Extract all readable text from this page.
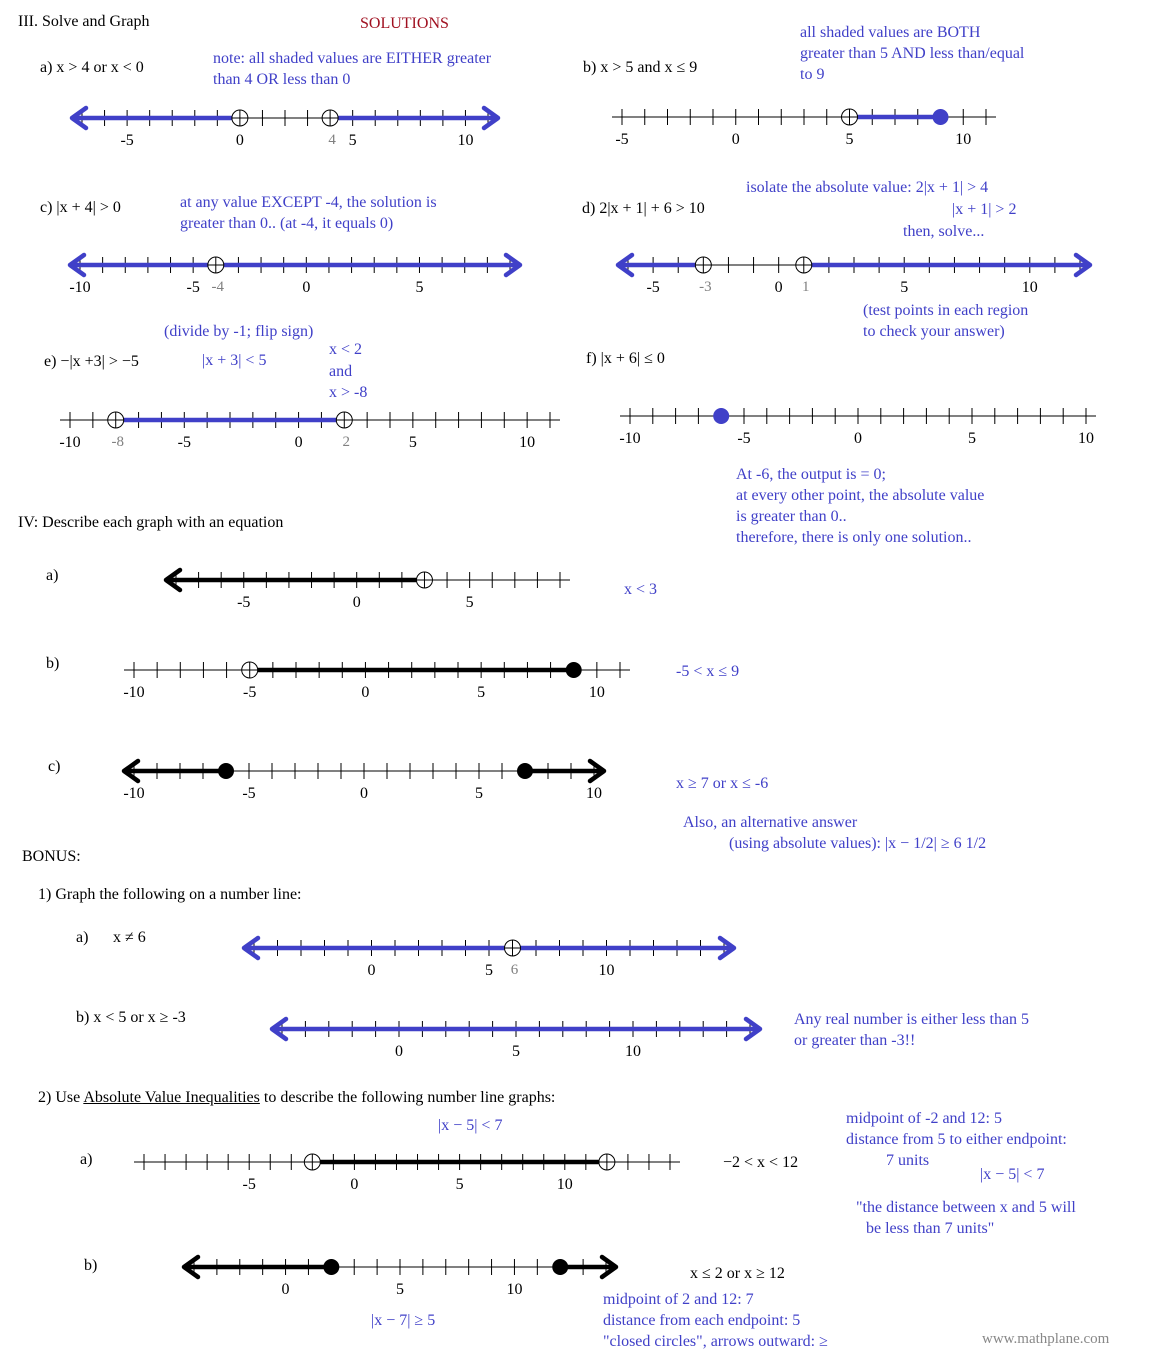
III. Solve and Graph	SOLUTIONS
a) x > 4 or x < 0
note: all shaded values are EITHER greater
than 4 OR less than 0
-5	0	5	10
4
b) x > 5 and x ≤ 9
all shaded values are BOTH
greater than 5 AND less than/equal
to 9
-5	0	5	10
c) |x + 4| > 0	at any value EXCEPT -4, the solution is
greater than 0.. (at -4, it equals 0)
-10	-5	0	5
-4
d) 2|x + 1| + 6 > 10
isolate the absolute value: 2|x + 1| > 4
|x + 1| > 2
then, solve...
(test points in each region
to check your answer)
-5	0	5	10
-3	1
e) −|x +3| > −5
(divide by -1; flip sign)
|x + 3| < 5
x < 2
and
x > -8
-10	-5	0	5	10
-8	2
f) |x + 6| ≤ 0
At -6, the output is = 0;
at every other point, the absolute value
is greater than 0..
therefore, there is only one solution..
-10	-5	0	5	10
IV: Describe each graph with an equation
a)
x < 3
-5	0	5
b)	-5 < x ≤ 9
-10	-5	0	5	10
c)
x ≥ 7 or x ≤ -6
Also, an alternative answer
(using absolute values): |x − 1/2| ≥ 6 1/2
-10	-5	0	5	10
BONUS:
1) Graph the following on a number line:
a) x ≠ 6
0	5	10
6
b) x < 5 or x ≥ -3	Any real number is either less than 5
or greater than -3!!
0	5	10
2) Use Absolute Value Inequalities to describe the following number line graphs:
a)
|x − 5| < 7
−2 < x < 12
midpoint of -2 and 12: 5
distance from 5 to either endpoint:
7 units
|x − 5| < 7
"the distance between x and 5 will
be less than 7 units"
-5	0	5	10
b)	x ≤ 2 or x ≥ 12
|x − 7| ≥ 5
midpoint of 2 and 12: 7
distance from each endpoint: 5
"closed circles", arrows outward: ≥
0	5	10
www.mathplane.com
